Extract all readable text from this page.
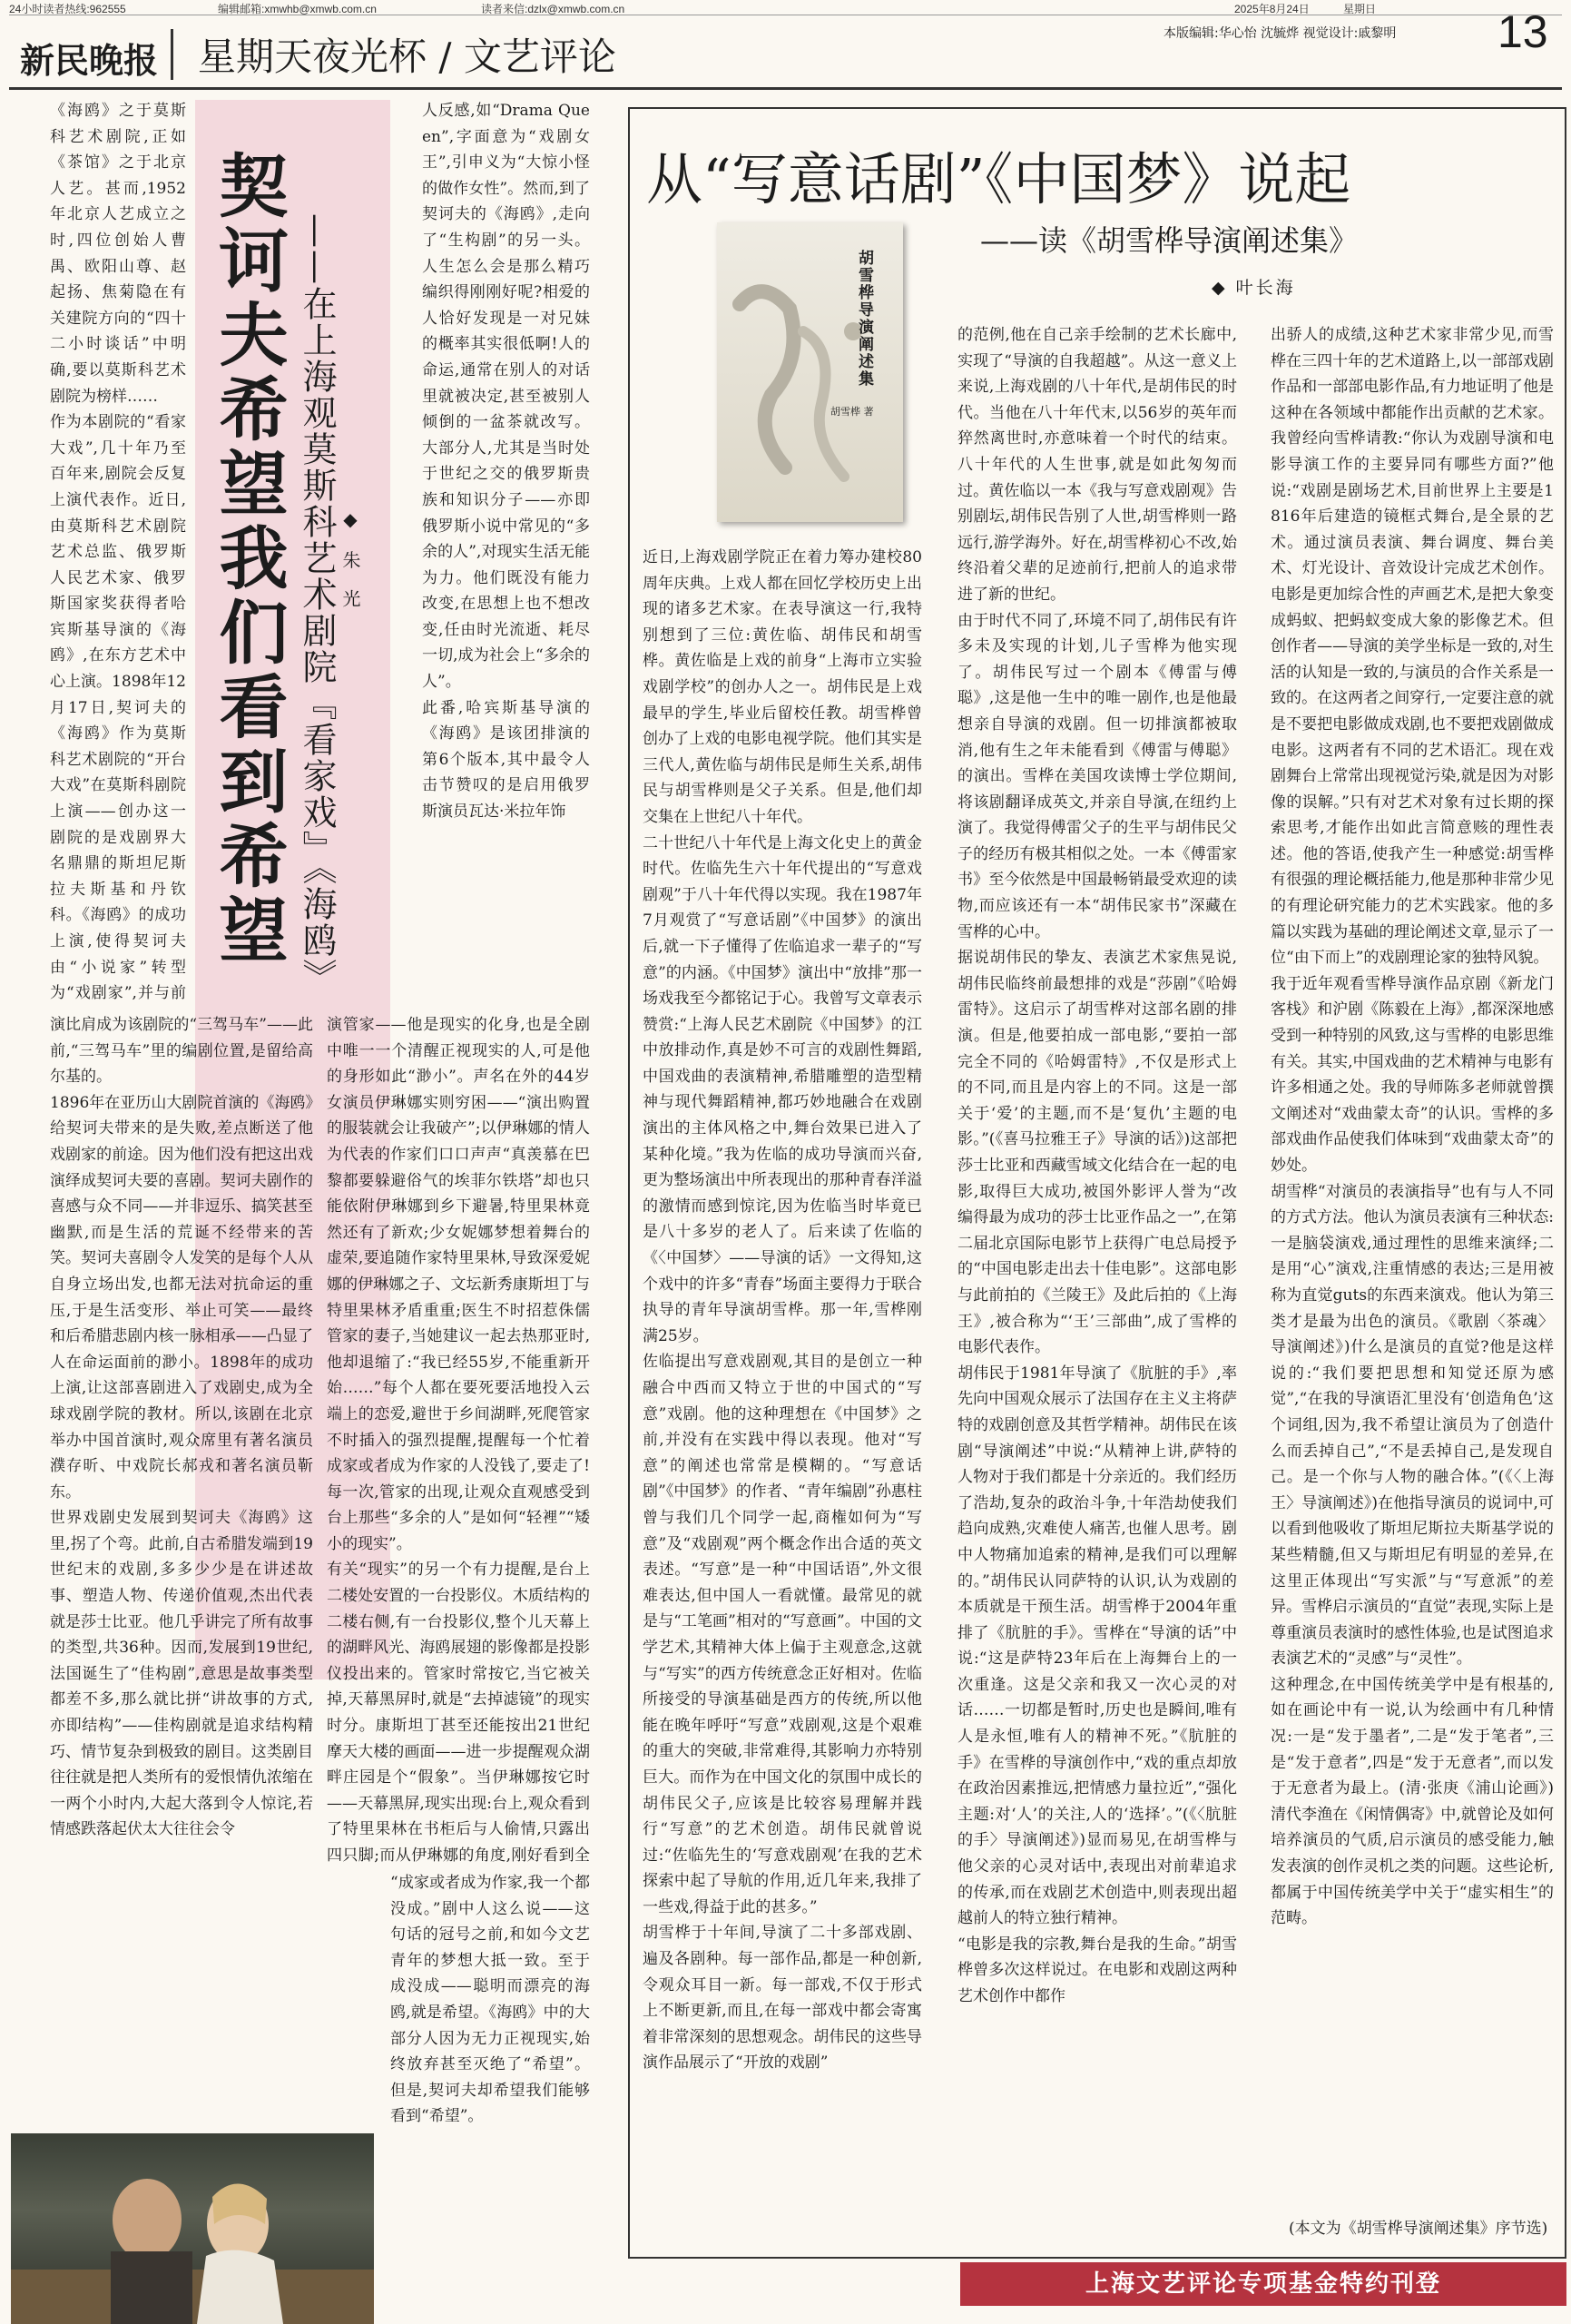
24小时读者热线:962555	编辑邮箱:xmwhb@xmwb.com.cn	读者来信:dzlx@xmwb.com.cn	2025年8月24日	星期日
新民晚报 星期天夜光杯 / 文艺评论
本版编辑:华心怡 沈毓烨 视觉设计:戚黎明 13
契诃夫希望我们看到希望 ——在上海观莫斯科艺术剧院『看家戏』《海鸥》 ◆ 朱 光

《海鸥》之于莫斯科艺术剧院,正如《茶馆》之于北京人艺。甚而,1952年北京人艺成立之时,四位创始人曹禺、欧阳山尊、赵起扬、焦菊隐在有关建院方向的“四十二小时谈话”中明确,要以莫斯科艺术剧院为榜样……
作为本剧院的“看家大戏”,几十年乃至百年来,剧院会反复上演代表作。近日,由莫斯科艺术剧院艺术总监、俄罗斯人民艺术家、俄罗斯国家奖获得者哈宾斯基导演的《海鸥》,在东方艺术中心上演。1898年12月17日,契诃夫的《海鸥》作为莫斯科艺术剧院的“开台大戏”在莫斯科剧院上演——创办这一剧院的是戏剧界大名鼎鼎的斯坦尼斯拉夫斯基和丹钦科。《海鸥》的成功上演,使得契诃夫由“小说家”转型为“戏剧家”,并与前

人反感,如“Drama Queen”,字面意为“戏剧女王”,引申义为“大惊小怪的做作女性”。然而,到了契诃夫的《海鸥》,走向了“生构剧”的另一头。人生怎么会是那么精巧编织得刚刚好呢?相爱的人恰好发现是一对兄妹的概率其实很低啊!人的命运,通常在别人的对话里就被决定,甚至被别人倾倒的一盆茶就改写。大部分人,尤其是当时处于世纪之交的俄罗斯贵族和知识分子——亦即俄罗斯小说中常见的“多余的人”,对现实生活无能为力。他们既没有能力改变,在思想上也不想改变,任由时光流逝、耗尽一切,成为社会上“多余的人”。
此番,哈宾斯基导演的《海鸥》是该团排演的第6个版本,其中最令人击节赞叹的是启用俄罗斯演员瓦达·米拉年饰

演比肩成为该剧院的“三驾马车”——此前,“三驾马车”里的编剧位置,是留给高尔基的。
1896年在亚历山大剧院首演的《海鸥》给契诃夫带来的是失败,差点断送了他戏剧家的前途。因为他们没有把这出戏演绎成契诃夫要的喜剧。契诃夫剧作的喜感与众不同——并非逗乐、搞笑甚至幽默,而是生活的荒诞不经带来的苦笑。契诃夫喜剧令人发笑的是每个人从自身立场出发,也都无法对抗命运的重压,于是生活变形、举止可笑——最终和后希腊悲剧内核一脉相承——凸显了人在命运面前的渺小。1898年的成功上演,让这部喜剧进入了戏剧史,成为全球戏剧学院的教材。所以,该剧在北京举办中国首演时,观众席里有著名演员濮存昕、中戏院长郝戎和著名演员靳东。
世界戏剧史发展到契诃夫《海鸥》这里,拐了个弯。此前,自古希腊发端到19世纪末的戏剧,多多少少是在讲述故事、塑造人物、传递价值观,杰出代表就是莎士比亚。他几乎讲完了所有故事的类型,共36种。因而,发展到19世纪,法国诞生了“佳构剧”,意思是故事类型都差不多,那么就比拼“讲故事的方式,亦即结构”——佳构剧就是追求结构精巧、情节复杂到极致的剧目。这类剧目往往就是把人类所有的爱恨情仇浓缩在一两个小时内,大起大落到令人惊诧,若情感跌落起伏太大往往会令

演管家——他是现实的化身,也是全剧中唯一一个清醒正视现实的人,可是他的身形如此“渺小”。声名在外的44岁女演员伊琳娜实则穷困——“演出购置的服装就会让我破产”;以伊琳娜的情人为代表的作家们口口声声“真羡慕在巴黎都要躲避俗气的埃菲尔铁塔”却也只能依附伊琳娜到乡下避暑,特里果林竟然还有了新欢;少女妮娜梦想着舞台的虚荣,要追随作家特里果林,导致深爱妮娜的伊琳娜之子、文坛新秀康斯坦丁与特里果林矛盾重重;医生不时招惹侏儒管家的妻子,当她建议一起去热那亚时,他却退缩了:“我已经55岁,不能重新开始……”每个人都在要死要活地投入云端上的恋爱,避世于乡间湖畔,死爬管家不时插入的强烈提醒,提醒每一个忙着成家或者成为作家的人没钱了,要走了!每一次,管家的出现,让观众直观感受到台上那些“多余的人”是如何“轻裡”“矮小的现实”。
有关“现实”的另一个有力提醒,是台上二楼处安置的一台投影仪。木质结构的二楼右侧,有一台投影仪,整个儿天幕上的湖畔风光、海鸥展翅的影像都是投影仪投出来的。管家时常按它,当它被关掉,天幕黑屏时,就是“去掉滤镜”的现实时分。康斯坦丁甚至还能按出21世纪摩天大楼的画面——进一步提醒观众湖畔庄园是个“假象”。当伊琳娜按它时——天幕黑屏,现实出现:台上,观众看到了特里果林在书柜后与人偷情,只露出四只脚;而从伊琳娜的角度,刚好看到全

“成家或者成为作家,我一个都没成。”剧中人这么说——这句话的冠号之前,和如今文艺青年的梦想大抵一致。至于成没成——聪明而漂亮的海鸥,就是希望。《海鸥》中的大部分人因为无力正视现实,始终放弃甚至灭绝了“希望”。但是,契诃夫却希望我们能够看到“希望”。

从“写意话剧”《中国梦》说起
——读《胡雪桦导演阐述集》
◆ 叶长海
胡雪桦导演阐述集
胡雪桦 著

近日,上海戏剧学院正在着力筹办建校80周年庆典。上戏人都在回忆学校历史上出现的诸多艺术家。在表导演这一行,我特别想到了三位:黄佐临、胡伟民和胡雪桦。黄佐临是上戏的前身“上海市立实验戏剧学校”的创办人之一。胡伟民是上戏最早的学生,毕业后留校任教。胡雪桦曾创办了上戏的电影电视学院。他们其实是三代人,黄佐临与胡伟民是师生关系,胡伟民与胡雪桦则是父子关系。但是,他们却交集在上世纪八十年代。
二十世纪八十年代是上海文化史上的黄金时代。佐临先生六十年代提出的“写意戏剧观”于八十年代得以实现。我在1987年7月观赏了“写意话剧”《中国梦》的演出后,就一下子懂得了佐临追求一辈子的“写意”的内涵。《中国梦》演出中“放排”那一场戏我至今都铭记于心。我曾写文章表示赞赏:“上海人民艺术剧院《中国梦》的江中放排动作,真是妙不可言的戏剧性舞蹈,中国戏曲的表演精神,希腊雕塑的造型精神与现代舞蹈精神,都巧妙地融合在戏剧演出的主体风格之中,舞台效果已进入了某种化境。”我为佐临的成功导演而兴奋,更为整场演出中所表现出的那种青春洋溢的激情而感到惊诧,因为佐临当时毕竟已是八十多岁的老人了。后来读了佐临的《〈中国梦〉——导演的话》一文得知,这个戏中的许多“青春”场面主要得力于联合执导的青年导演胡雪桦。那一年,雪桦刚满25岁。
佐临提出写意戏剧观,其目的是创立一种融合中西而又特立于世的中国式的“写意”戏剧。他的这种理想在《中国梦》之前,并没有在实践中得以表现。他对“写意”的阐述也常常是模糊的。“写意话剧”《中国梦》的作者、“青年编剧”孙惠柱曾与我们几个同学一起,商権如何为“写意”及“戏剧观”两个概念作出合适的英文表述。“写意”是一种“中国话语”,外文很难表达,但中国人一看就懂。最常见的就是与“工笔画”相对的“写意画”。中国的文学艺术,其精神大体上偏于主观意念,这就与“写实”的西方传统意念正好相对。佐临所接受的导演基础是西方的传统,所以他能在晚年呼吁“写意”戏剧观,这是个艰难的重大的突破,非常难得,其影响力亦特别巨大。而作为在中国文化的氛围中成长的胡伟民父子,应该是比较容易理解并践行“写意”的艺术创造。胡伟民就曾说过:“佐临先生的‘写意戏剧观’在我的艺术探索中起了导航的作用,近几年来,我排了一些戏,得益于此的甚多。”
胡雪桦于十年间,导演了二十多部戏剧、遍及各剧种。每一部作品,都是一种创新,令观众耳目一新。每一部戏,不仅于形式上不断更新,而且,在每一部戏中都会寄寓着非常深刻的思想观念。胡伟民的这些导演作品展示了“开放的戏剧”

的范例,他在自己亲手绘制的艺术长廊中,实现了“导演的自我超越”。从这一意义上来说,上海戏剧的八十年代,是胡伟民的时代。当他在八十年代末,以56岁的英年而猝然离世时,亦意味着一个时代的结束。八十年代的人生世事,就是如此匆匆而过。黄佐临以一本《我与写意戏剧观》告别剧坛,胡伟民告别了人世,胡雪桦则一路远行,游学海外。好在,胡雪桦初心不改,始终沿着父辈的足迹前行,把前人的追求带进了新的世纪。
由于时代不同了,环境不同了,胡伟民有许多未及实现的计划,儿子雪桦为他实现了。胡伟民写过一个剧本《傅雷与傅聪》,这是他一生中的唯一剧作,也是他最想亲自导演的戏剧。但一切排演都被取消,他有生之年未能看到《傅雷与傅聪》的演出。雪桦在美国攻读博士学位期间,将该剧翻译成英文,并亲自导演,在纽约上演了。我觉得傅雷父子的生平与胡伟民父子的经历有极其相似之处。一本《傅雷家书》至今依然是中国最畅销最受欢迎的读物,而应该还有一本“胡伟民家书”深藏在雪桦的心中。
据说胡伟民的挚友、表演艺术家焦晃说,胡伟民临终前最想排的戏是“莎剧”《哈姆雷特》。这启示了胡雪桦对这部名剧的排演。但是,他要拍成一部电影,“要拍一部完全不同的《哈姆雷特》,不仅是形式上的不同,而且是内容上的不同。这是一部关于‘爱’的主题,而不是‘复仇’主题的电影。”(《喜马拉雅王子》导演的话》)这部把莎士比亚和西藏雪域文化结合在一起的电影,取得巨大成功,被国外影评人誉为“改编得最为成功的莎士比亚作品之一”,在第二届北京国际电影节上获得广电总局授予的“中国电影走出去十佳电影”。这部电影与此前拍的《兰陵王》及此后拍的《上海王》,被合称为“‘王’三部曲”,成了雪桦的电影代表作。
胡伟民于1981年导演了《肮脏的手》,率先向中国观众展示了法国存在主义主将萨特的戏剧创意及其哲学精神。胡伟民在该剧“导演阐述”中说:“从精神上讲,萨特的人物对于我们都是十分亲近的。我们经历了浩劫,复杂的政治斗争,十年浩劫使我们趋向成熟,灾难使人痛苦,也催人思考。剧中人物痛加追索的精神,是我们可以理解的。”胡伟民认同萨特的认识,认为戏剧的本质就是干预生活。胡雪桦于2004年重排了《肮脏的手》。雪桦在“导演的话”中说:“这是萨特23年后在上海舞台上的一次重逢。这是父亲和我又一次心灵的对话……一切都是暂时,历史也是瞬间,唯有人是永恒,唯有人的精神不死。”《肮脏的手》在雪桦的导演创作中,“戏的重点却放在政治因素推远,把情感力量拉近”,“强化主题:对‘人’的关注,人的‘选择’。”(《〈肮脏的手〉导演阐述》)显而易见,在胡雪桦与他父亲的心灵对话中,表现出对前辈追求的传承,而在戏剧艺术创造中,则表现出超越前人的特立独行精神。
“电影是我的宗教,舞台是我的生命。”胡雪桦曾多次这样说过。在电影和戏剧这两种艺术创作中都作

出骄人的成绩,这种艺术家非常少见,而雪桦在三四十年的艺术道路上,以一部部戏剧作品和一部部电影作品,有力地证明了他是这种在各领域中都能作出贡献的艺术家。我曾经向雪桦请教:“你认为戏剧导演和电影导演工作的主要异同有哪些方面?”他说:“戏剧是剧场艺术,目前世界上主要是1816年后建造的镜框式舞台,是全景的艺术。通过演员表演、舞台调度、舞台美术、灯光设计、音效设计完成艺术创作。电影是更加综合性的声画艺术,是把大象变成蚂蚁、把蚂蚁变成大象的影像艺术。但创作者——导演的美学坐标是一致的,对生活的认知是一致的,与演员的合作关系是一致的。在这两者之间穿行,一定要注意的就是不要把电影做成戏剧,也不要把戏剧做成电影。这两者有不同的艺术语汇。现在戏剧舞台上常常出现视觉污染,就是因为对影像的误解。”只有对艺术对象有过长期的探索思考,才能作出如此言简意赅的理性表述。他的答语,使我产生一种感觉:胡雪桦有很强的理论概括能力,他是那种非常少见的有理论研究能力的艺术实践家。他的多篇以实践为基础的理论阐述文章,显示了一位“由下而上”的戏剧理论家的独特风貌。
我于近年观看雪桦导演作品京剧《新龙门客栈》和沪剧《陈毅在上海》,都深深地感受到一种特别的风致,这与雪桦的电影思维有关。其实,中国戏曲的艺术精神与电影有许多相通之处。我的导师陈多老师就曾撰文阐述对“戏曲蒙太奇”的认识。雪桦的多部戏曲作品使我们体味到“戏曲蒙太奇”的妙处。
胡雪桦“对演员的表演指导”也有与人不同的方式方法。他认为演员表演有三种状态:一是脑袋演戏,通过理性的思维来演绎;二是用“心”演戏,注重情感的表达;三是用被称为直觉guts的东西来演戏。他认为第三类才是最为出色的演员。《歌剧〈茶魂〉导演阐述》)什么是演员的直觉?他是这样说的:“我们要把思想和知觉还原为感觉”,“在我的导演语汇里没有‘创造角色’这个词组,因为,我不希望让演员为了创造什么而丢掉自己”,“不是丢掉自己,是发现自己。是一个你与人物的融合体。”(《〈上海王〉导演阐述》)在他指导演员的说词中,可以看到他吸收了斯坦尼斯拉夫斯基学说的某些精髓,但又与斯坦尼有明显的差异,在这里正体现出“写实派”与“写意派”的差异。雪桦启示演员的“直觉”表现,实际上是尊重演员表演时的感性体验,也是试图追求表演艺术的“灵感”与“灵性”。
这种理念,在中国传统美学中是有根基的,如在画论中有一说,认为绘画中有几种情况:一是“发于墨者”,二是“发于笔者”,三是“发于意者”,四是“发于无意者”,而以发于无意者为最上。(清·张庚《浦山论画》)清代李渔在《闲情偶寄》中,就曾论及如何培养演员的气质,启示演员的感受能力,触发表演的创作灵机之类的问题。这些论析,都属于中国传统美学中关于“虚实相生”的范畴。

(本文为《胡雪桦导演阐述集》序节选)
上海文艺评论专项基金特约刊登
